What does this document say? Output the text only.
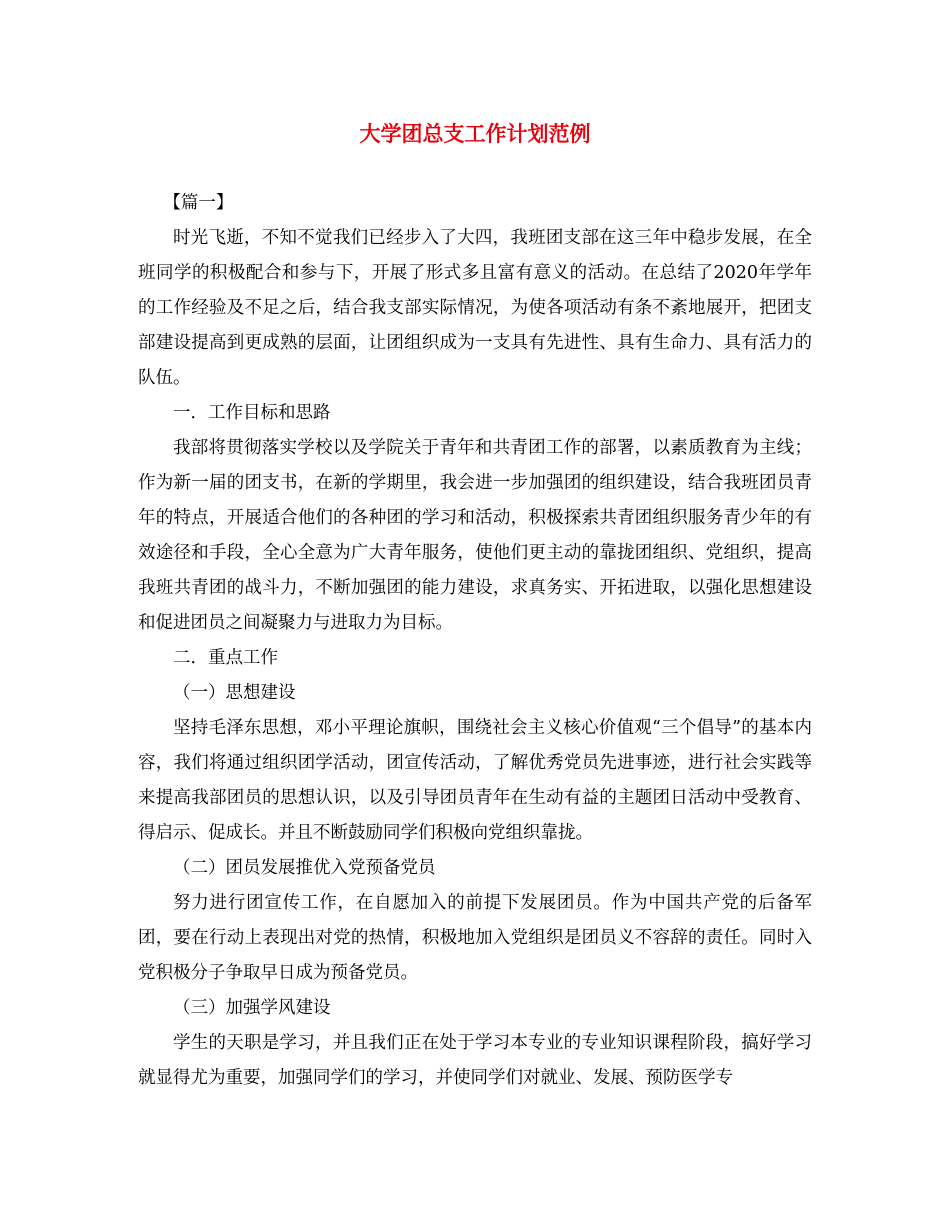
大学团总支工作计划范例

【篇一】

时光飞逝，不知不觉我们已经步入了大四，我班团支部在这三年中稳步发展，在全班同学的积极配合和参与下，开展了形式多且富有意义的活动。在总结了2020年学年的工作经验及不足之后，结合我支部实际情况，为使各项活动有条不紊地展开，把团支部建设提高到更成熟的层面，让团组织成为一支具有先进性、具有生命力、具有活力的队伍。

一．工作目标和思路

我部将贯彻落实学校以及学院关于青年和共青团工作的部署，以素质教育为主线；作为新一届的团支书，在新的学期里，我会进一步加强团的组织建设，结合我班团员青年的特点，开展适合他们的各种团的学习和活动，积极探索共青团组织服务青少年的有效途径和手段，全心全意为广大青年服务，使他们更主动的靠拢团组织、党组织，提高我班共青团的战斗力，不断加强团的能力建设，求真务实、开拓进取，以强化思想建设和促进团员之间凝聚力与进取力为目标。

二．重点工作

（一）思想建设

坚持毛泽东思想，邓小平理论旗帜，围绕社会主义核心价值观“三个倡导”的基本内容，我们将通过组织团学活动，团宣传活动，了解优秀党员先进事迹，进行社会实践等来提高我部团员的思想认识，以及引导团员青年在生动有益的主题团日活动中受教育、得启示、促成长。并且不断鼓励同学们积极向党组织靠拢。

（二）团员发展推优入党预备党员

努力进行团宣传工作，在自愿加入的前提下发展团员。作为中国共产党的后备军团，要在行动上表现出对党的热情，积极地加入党组织是团员义不容辞的责任。同时入党积极分子争取早日成为预备党员。

（三）加强学风建设

学生的天职是学习，并且我们正在处于学习本专业的专业知识课程阶段，搞好学习就显得尤为重要，加强同学们的学习，并使同学们对就业、发展、预防医学专
